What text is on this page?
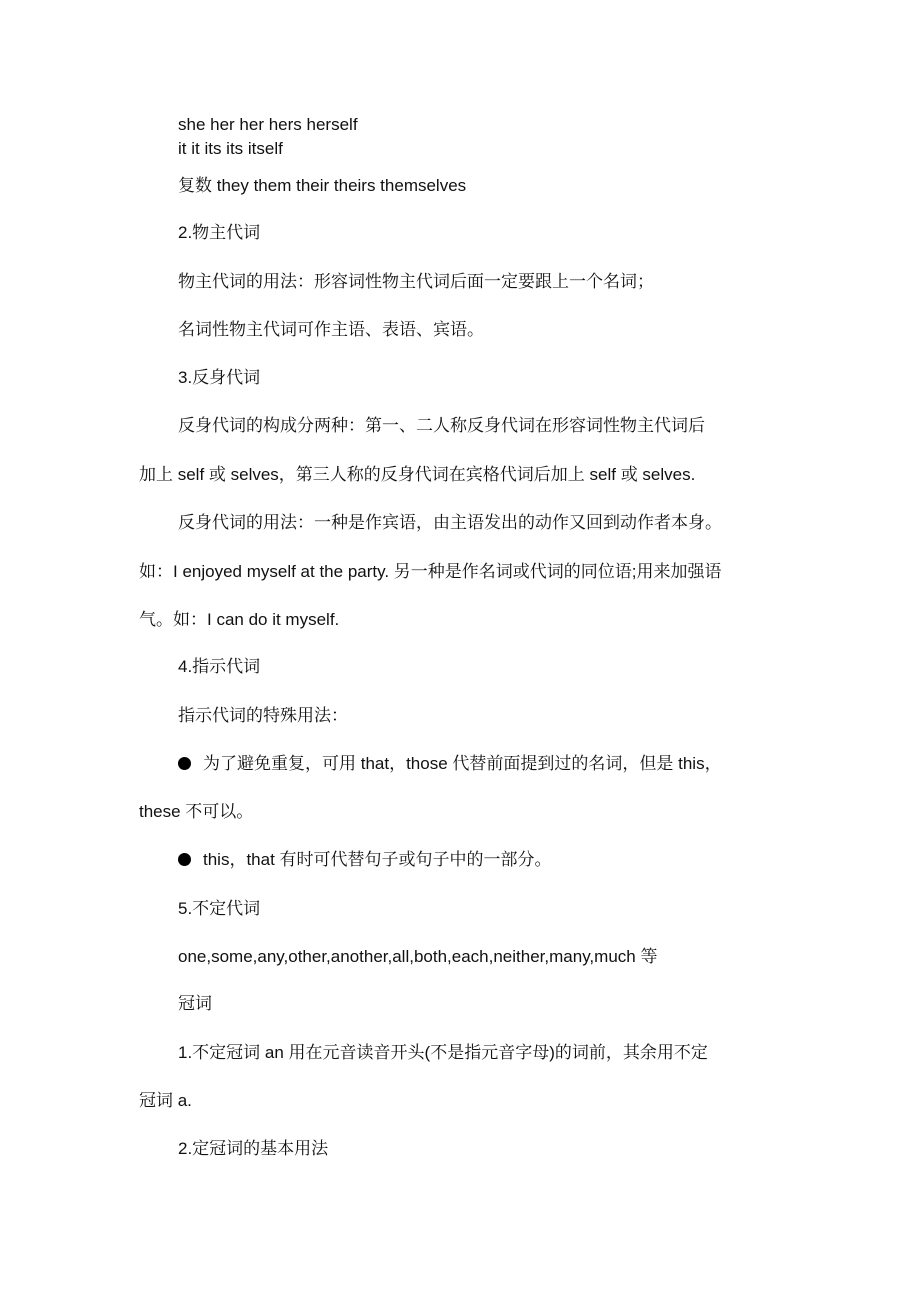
she her her hers herself
it it its its itself
复数 they them their theirs themselves
2.物主代词
物主代词的用法：形容词性物主代词后面一定要跟上一个名词；
名词性物主代词可作主语、表语、宾语。
3.反身代词
反身代词的构成分两种：第一、二人称反身代词在形容词性物主代词后
加上 self 或 selves，第三人称的反身代词在宾格代词后加上 self 或 selves.
反身代词的用法：一种是作宾语，由主语发出的动作又回到动作者本身。
如：I enjoyed myself at the party. 另一种是作名词或代词的同位语;用来加强语
气。如：I can do it myself.
4.指示代词
指示代词的特殊用法：
为了避免重复，可用 that，those 代替前面提到过的名词，但是 this，
these 不可以。
this，that 有时可代替句子或句子中的一部分。
5.不定代词
one,some,any,other,another,all,both,each,neither,many,much 等
冠词
1.不定冠词 an 用在元音读音开头(不是指元音字母)的词前，其余用不定
冠词 a.
2.定冠词的基本用法
